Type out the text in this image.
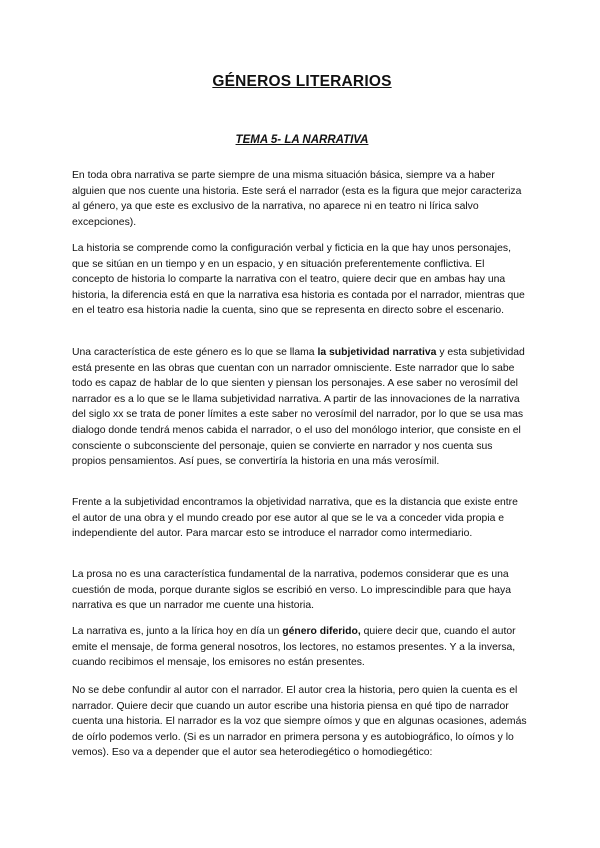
GÉNEROS LITERARIOS
TEMA 5- LA NARRATIVA

En toda obra narrativa se parte siempre de una misma situación básica, siempre va a haber alguien que nos cuente una historia. Este será el narrador (esta es la figura que mejor caracteriza al género, ya que este es exclusivo de la narrativa, no aparece ni en teatro ni lírica salvo excepciones).

La historia se comprende como la configuración verbal y ficticia en la que hay unos personajes, que se sitúan en un tiempo y en un espacio, y en situación preferentemente conflictiva. El concepto de historia lo comparte la narrativa con el teatro, quiere decir que en ambas hay una historia, la diferencia está en que la narrativa esa historia es contada por el narrador, mientras que en el teatro esa historia nadie la cuenta, sino que se representa en directo sobre el escenario.

Una característica de este género es lo que se llama la subjetividad narrativa y esta subjetividad está presente en las obras que cuentan con un narrador omnisciente. Este narrador que lo sabe todo es capaz de hablar de lo que sienten y piensan los personajes. A ese saber no verosímil del narrador es a lo que se le llama subjetividad narrativa. A partir de las innovaciones de la narrativa del siglo xx se trata de poner límites a este saber no verosímil del narrador, por lo que se usa mas dialogo donde tendrá menos cabida el narrador, o el uso del monólogo interior, que consiste en el consciente o subconsciente del personaje, quien se convierte en narrador y nos cuenta sus propios pensamientos. Así pues, se convertiría la historia en una más verosímil.

Frente a la subjetividad encontramos la objetividad narrativa, que es la distancia que existe entre el autor de una obra y el mundo creado por ese autor al que se le va a conceder vida propia e independiente del autor. Para marcar esto se introduce el narrador como intermediario.

La prosa no es una característica fundamental de la narrativa, podemos considerar que es una cuestión de moda, porque durante siglos se escribió en verso. Lo imprescindible para que haya narrativa es que un narrador me cuente una historia.

La narrativa es, junto a la lírica hoy en día un género diferido, quiere decir que, cuando el autor emite el mensaje, de forma general nosotros, los lectores, no estamos presentes. Y a la inversa, cuando recibimos el mensaje, los emisores no están presentes.

No se debe confundir al autor con el narrador. El autor crea la historia, pero quien la cuenta es el narrador. Quiere decir que cuando un autor escribe una historia piensa en qué tipo de narrador cuenta una historia. El narrador es la voz que siempre oímos y que en algunas ocasiones, además de oírlo podemos verlo. (Si es un narrador en primera persona y es autobiográfico, lo oímos y lo vemos). Eso va a depender que el autor sea heterodiegético o homodiegético:
